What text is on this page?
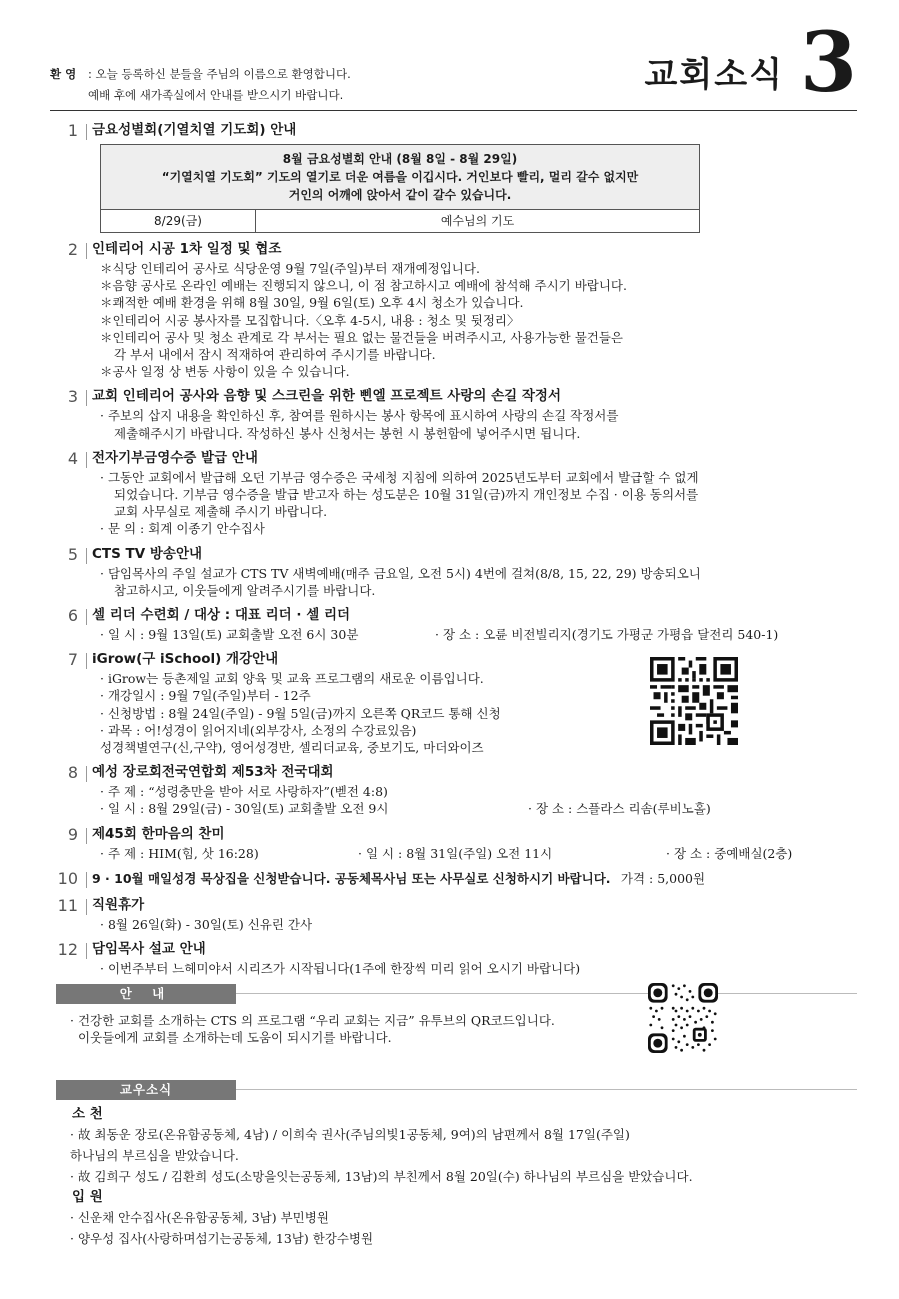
환 영 : 오늘 등록하신 분들을 주님의 이름으로 환영합니다.
예배 후에 새가족실에서 안내를 받으시기 바랍니다.	교회소식 3
1 금요성별회(기열치열 기도회) 안내
8월 금요성별회 안내 (8월 8일 - 8월 29일)
“기열치열 기도회” 기도의 열기로 더운 여름을 이깁시다. 거인보다 빨리, 멀리 갈수 없지만
거인의 어깨에 앉아서 같이 갈수 있습니다.

8/29(금)	예수님의 기도
2 인테리어 시공 1차 일정 및 협조
＊식당 인테리어 공사로 식당운영 9월 7일(주일)부터 재개예정입니다.
＊음향 공사로 온라인 예배는 진행되지 않으니, 이 점 참고하시고 예배에 참석해 주시기 바랍니다.
＊쾌적한 예배 환경을 위해 8월 30일, 9월 6일(토) 오후 4시 청소가 있습니다.
＊인테리어 시공 봉사자를 모집합니다.〈오후 4-5시, 내용 : 청소 및 뒷정리〉
＊인테리어 공사 및 청소 관계로 각 부서는 필요 없는 물건들을 버려주시고, 사용가능한 물건들은
각 부서 내에서 잠시 적재하여 관리하여 주시기를 바랍니다.
＊공사 일정 상 변동 사항이 있을 수 있습니다.
3 교회 인테리어 공사와 음향 및 스크린을 위한 삔엘 프로젝트 사랑의 손길 작정서
· 주보의 삽지 내용을 확인하신 후, 참여를 원하시는 봉사 항목에 표시하여 사랑의 손길 작정서를
제출해주시기 바랍니다. 작성하신 봉사 신청서는 봉헌 시 봉헌함에 넣어주시면 됩니다.
4 전자기부금영수증 발급 안내
· 그동안 교회에서 발급해 오던 기부금 영수증은 국세청 지침에 의하여 2025년도부터 교회에서 발급할 수 없게
되었습니다. 기부금 영수증을 발급 받고자 하는 성도분은 10월 31일(금)까지 개인정보 수집 · 이용 동의서를
교회 사무실로 제출해 주시기 바랍니다.
· 문 의 : 회계 이종기 안수집사
5 CTS TV 방송안내
· 담임목사의 주일 설교가 CTS TV 새벽예배(매주 금요일, 오전 5시) 4번에 걸쳐(8/8, 15, 22, 29) 방송되오니
참고하시고, 이웃들에게 알려주시기를 바랍니다.
6 셀 리더 수련회 / 대상 : 대표 리더 · 셀 리더
· 일 시 : 9월 13일(토) 교회출발 오전 6시 30분	· 장 소 : 오륜 비전빌리지(경기도 가평군 가평읍 달전리 540-1)
7 iGrow(구 iSchool) 개강안내
· iGrow는 등촌제일 교회 양육 및 교육 프로그램의 새로운 이름입니다.
· 개강일시 : 9월 7일(주일)부터 - 12주
· 신청방법 : 8월 24일(주일) - 9월 5일(금)까지 오른쪽 QR코드 통해 신청
· 과목 : 어!성경이 읽어지네(외부강사, 소정의 수강료있음)
성경책별연구(신,구약), 영어성경반, 셀리더교육, 중보기도, 마더와이즈
8 예성 장로회전국연합회 제53차 전국대회
· 주 제 : “성령충만을 받아 서로 사랑하자”(벧전 4:8)
· 일 시 : 8월 29일(금) - 30일(토) 교회출발 오전 9시	· 장 소 : 스플라스 리솜(루비노홀)
9 제45회 한마음의 찬미
· 주 제 : HIM(힘, 삿 16:28)	· 일 시 : 8월 31일(주일) 오전 11시	· 장 소 : 중예배실(2층)
10 9 · 10월 매일성경 묵상집을 신청받습니다. 공동체목사님 또는 사무실로 신청하시기 바랍니다. 가격 : 5,000원
11 직원휴가
· 8월 26일(화) - 30일(토) 신유린 간사
12 담임목사 설교 안내
· 이번주부터 느헤미야서 시리즈가 시작됩니다(1주에 한장씩 미리 읽어 오시기 바랍니다)
안 내
· 건강한 교회를 소개하는 CTS 의 프로그램 “우리 교회는 지금” 유투브의 QR코드입니다.
이웃들에게 교회를 소개하는데 도움이 되시기를 바랍니다.
교우소식
소 천
· 故 최동운 장로(온유함공동체, 4남) / 이희숙 권사(주님의빛1공동체, 9여)의 남편께서 8월 17일(주일)
하나님의 부르심을 받았습니다.
· 故 김희구 성도 / 김환희 성도(소망을잇는공동체, 13남)의 부친께서 8월 20일(수) 하나님의 부르심을 받았습니다.
입 원
· 신운채 안수집사(온유함공동체, 3남) 부민병원
· 양우성 집사(사랑하며섬기는공동체, 13남) 한강수병원
